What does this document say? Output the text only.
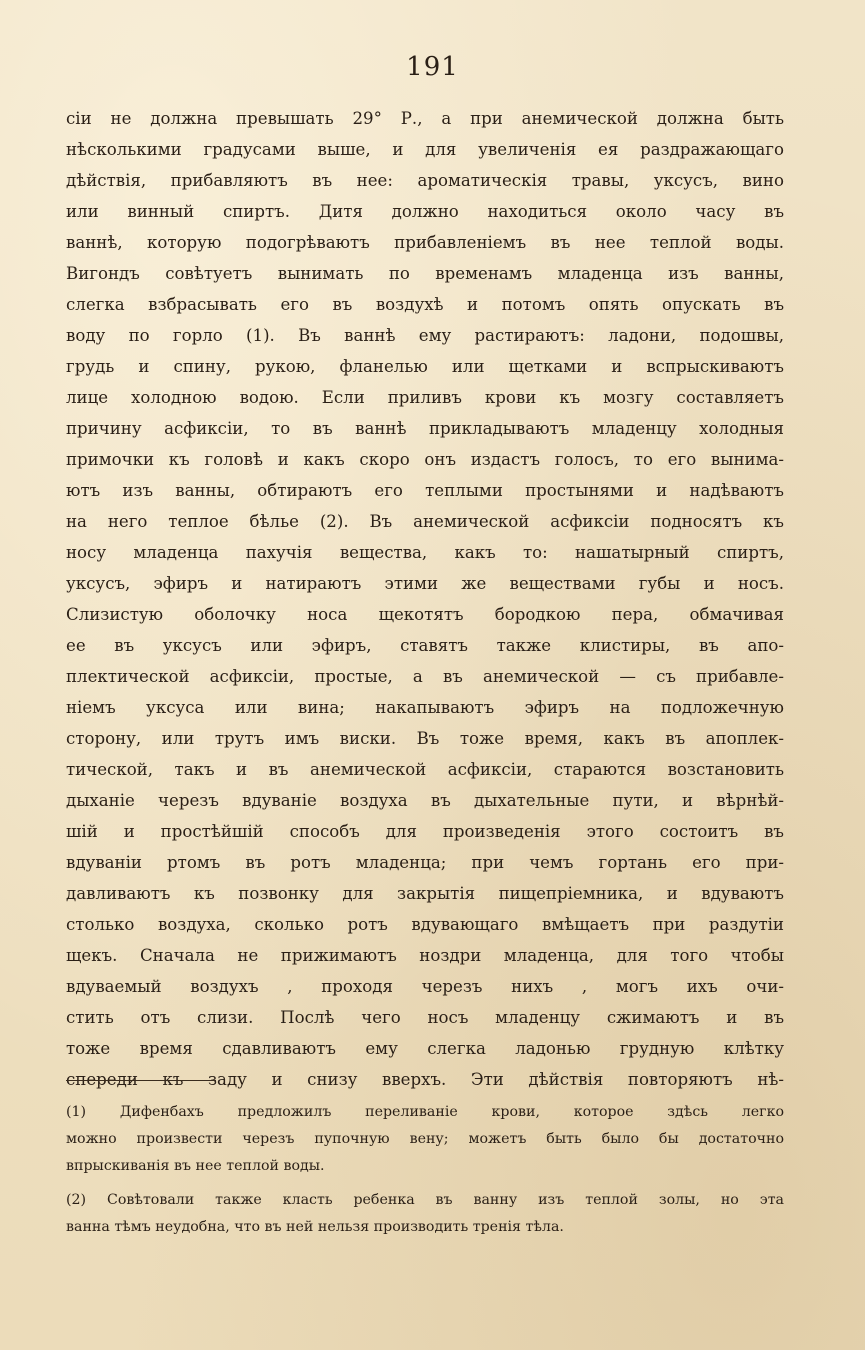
191
сіи не должна превышать 29° Р., а при анемической должна быть
нѣсколькими градусами выше, и для увеличенія ея раздражающаго
дѣйствія, прибавляютъ въ нее: ароматическія травы, уксусъ, вино
или винный спиртъ. Дитя должно находиться около часу въ
ваннѣ, которую подогрѣваютъ прибавленіемъ въ нее теплой воды.
Вигондъ совѣтуетъ вынимать по временамъ младенца изъ ванны,
слегка взбрасывать его въ воздухѣ и потомъ опять опускать въ
воду по горло (1). Въ ваннѣ ему растираютъ: ладони, подошвы,
грудь и спину, рукою, фланелью или щетками и вспрыскиваютъ
лице холодною водою. Если приливъ крови къ мозгу составляетъ
причину асфиксіи, то въ ваннѣ прикладываютъ младенцу холодныя
примочки къ головѣ и какъ скоро онъ издастъ голосъ, то его вынима-
ютъ изъ ванны, обтираютъ его теплыми простынями и надѣваютъ
на него теплое бѣлье (2). Въ анемической асфиксіи подносятъ къ
носу младенца пахучія вещества, какъ то: нашатырный спиртъ,
уксусъ, эфиръ и натираютъ этими же веществами губы и носъ.
Слизистую оболочку носа щекотятъ бородкою пера, обмачивая
ее въ уксусъ или эфиръ, ставятъ также клистиры, въ апо-
плектической асфиксіи, простые, а въ анемической — съ прибавле-
ніемъ уксуса или вина; накапываютъ эфиръ на подложечную
сторону, или трутъ имъ виски. Въ тоже время, какъ въ апоплек-
тической, такъ и въ анемической асфиксіи, стараются возстановить
дыханіе черезъ вдуваніе воздуха въ дыхательные пути, и вѣрнѣй-
шій и простѣйшій способъ для произведенія этого состоитъ въ
вдуваніи ртомъ въ ротъ младенца; при чемъ гортань его при-
давливаютъ къ позвонку для закрытія пищепріемника, и вдуваютъ
столько воздуха, сколько ротъ вдувающаго вмѣщаетъ при раздутіи
щекъ. Сначала не прижимаютъ ноздри младенца, для того чтобы
вдуваемый воздухъ , проходя черезъ нихъ , могъ ихъ очи-
стить отъ слизи. Послѣ чего носъ младенцу сжимаютъ и въ
тоже время сдавливаютъ ему слегка ладонью грудную клѣтку
спереди къ заду и снизу вверхъ. Эти дѣйствія повторяютъ нѣ-
(1) Дифенбахъ предложилъ переливаніе крови, которое здѣсь легко
можно произвести черезъ пупочную вену; можетъ быть было бы достаточно
впрыскиванія въ нее теплой воды.
(2) Совѣтовали также класть ребенка въ ванну изъ теплой золы, но эта
ванна тѣмъ неудобна, что въ ней нельзя производить тренія тѣла.
